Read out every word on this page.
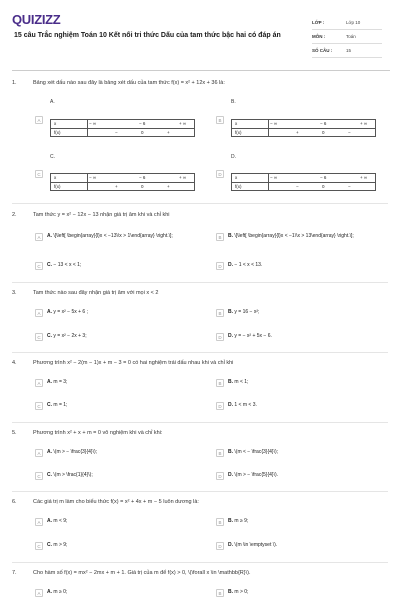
QUIZIZZ
15 câu Trắc nghiệm Toán 10 Kết nối tri thức Dấu của tam thức bậc hai có đáp án
LỚP :	Lớp 10
MÔN :	Toán
SỐ CÂU :	15
1.	Bảng xét dấu nào sau đây là bảng xét dấu của tam thức f(x) = x² + 12x + 36 là:
A.	B.
A
x	− ∞	− 6	+ ∞
f(x)	−	0	+
B
x	− ∞	− 6	+ ∞
f(x)	+	0	−
C.	D.
C
x	− ∞	− 6	+ ∞
f(x)	+	0	+
D
x	− ∞	− 6	+ ∞
f(x)	−	0	−
2.	Tam thức y = x² − 12x − 13 nhận giá trị âm khi và chỉ khi
A	A. \[\left[ \begin{array}{l}x < −13\\x > 1\end{array} \right.\];	B	B. \[\left[ \begin{array}{l}x < −1\\x > 13\end{array} \right.\];
C	C. − 13 < x < 1;	D	D. − 1 < x < 13.
3.	Tam thức nào sau đây nhận giá trị âm với mọi x < 2
A	A. y = x² − 5x + 6 ;	B	B. y = 16 − x²;
C	C. y = x² − 2x + 3;	D	D. y = − x² + 5x − 6.
4.	Phương trình x² − 2(m − 1)x + m − 3 = 0 có hai nghiệm trái dấu nhau khi và chỉ khi
A	A. m = 3;	B	B. m < 1;
C	C. m = 1;	D	D. 1 < m < 3.
5.	Phương trình x² + x + m = 0 vô nghiệm khi và chỉ khi:
A	A. \(m > − \frac{3}{4}\);	B	B. \(m < − \frac{3}{4}\);
C	C. \(m > \frac{1}{4}\);	D	D. \(m > − \frac{5}{4}\).
6.	Các giá trị m làm cho biểu thức f(x) = x² + 4x + m − 5 luôn dương là:
A	A. m < 9;	B	B. m ≥ 9;
C	C. m > 9;	D	D. \(m \in \emptyset \).
7.	Cho hàm số f(x) = mx² − 2mx + m + 1. Giá trị của m để f(x) > 0, \(\forall x \in \mathbb{R}\).
A	A. m ≥ 0;	B	B. m > 0;
